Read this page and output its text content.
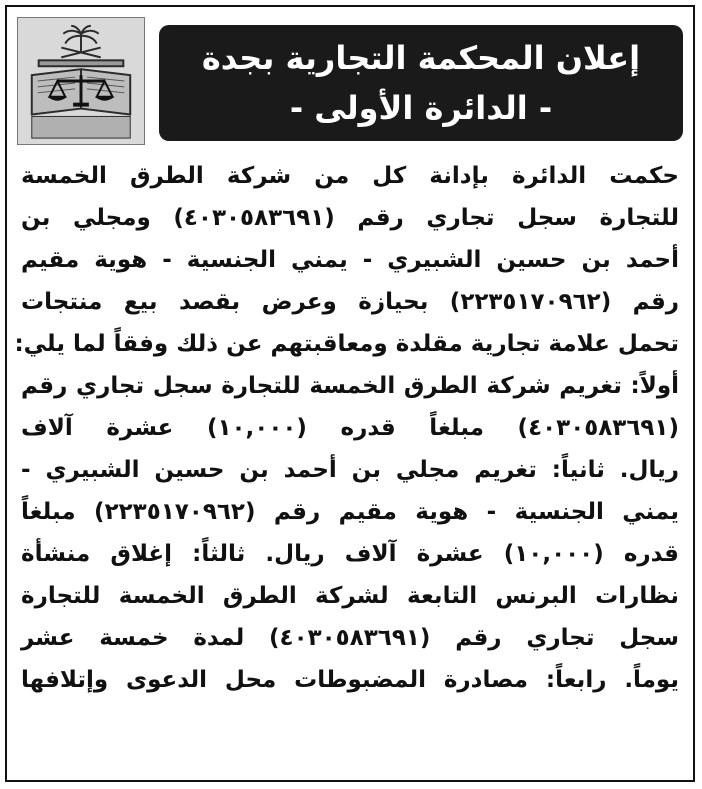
إعلان المحكمة التجارية بجدة
- الدائرة الأولى -
حكمت الدائرة بإدانة كل من شركة الطرق الخمسة
للتجارة سجل تجاري رقم (٤٠٣٠٥٨٣٦٩١) ومجلي بن
أحمد بن حسين الشبيري - يمني الجنسية - هوية مقيم
رقم (٢٢٣٥١٧٠٩٦٢) بحيازة وعرض بقصد بيع منتجات
تحمل علامة تجارية مقلدة ومعاقبتهم عن ذلك وفقاً لما يلي:
أولاً: تغريم شركة الطرق الخمسة للتجارة سجل تجاري رقم
(٤٠٣٠٥٨٣٦٩١) مبلغاً قدره (١٠,٠٠٠) عشرة آلاف
ريال. ثانياً: تغريم مجلي بن أحمد بن حسين الشبيري -
يمني الجنسية - هوية مقيم رقم (٢٢٣٥١٧٠٩٦٢) مبلغاً
قدره (١٠,٠٠٠) عشرة آلاف ريال. ثالثاً: إغلاق منشأة
نظارات البرنس التابعة لشركة الطرق الخمسة للتجارة
سجل تجاري رقم (٤٠٣٠٥٨٣٦٩١) لمدة خمسة عشر
يوماً. رابعاً: مصادرة المضبوطات محل الدعوى وإتلافها
